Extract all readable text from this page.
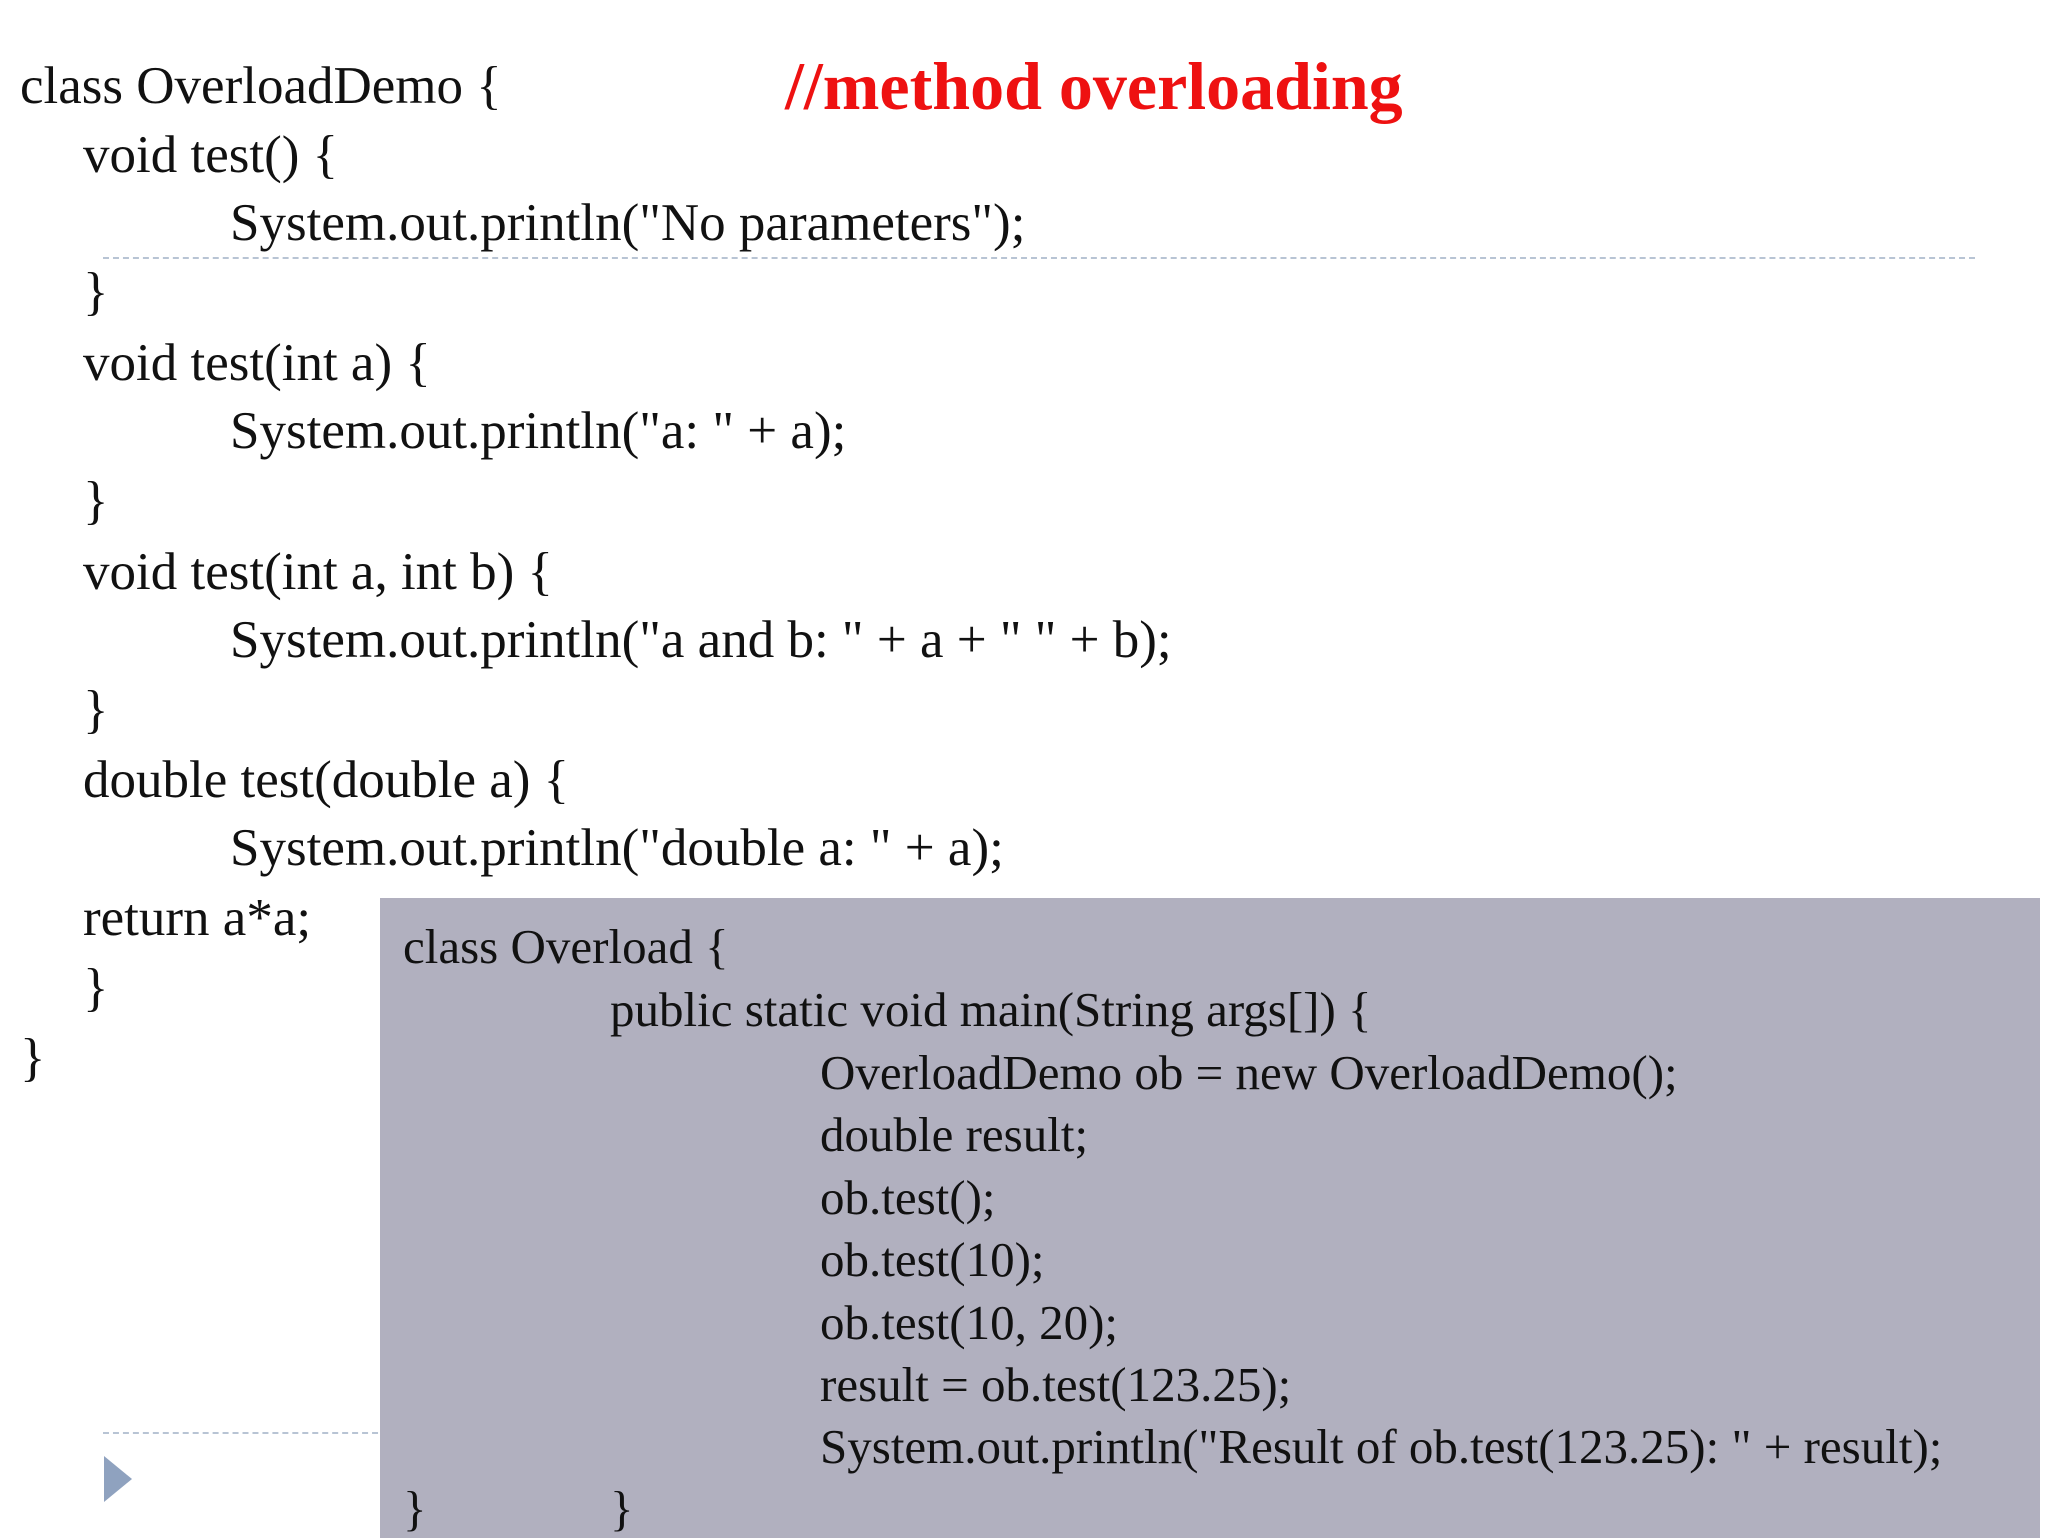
//method overloading
class OverloadDemo {
void test() {
System.out.println("No parameters");
}
void test(int a) {
System.out.println("a: " + a);
}
void test(int a, int b) {
System.out.println("a and b: " + a + " " + b);
}
double test(double a) {
System.out.println("double a: " + a);
return a*a;
}
}
class Overload {
public static void main(String args[]) {
OverloadDemo ob = new OverloadDemo();
double result;
ob.test();
ob.test(10);
ob.test(10, 20);
result = ob.test(123.25);
System.out.println("Result of ob.test(123.25): " + result);
}	}
